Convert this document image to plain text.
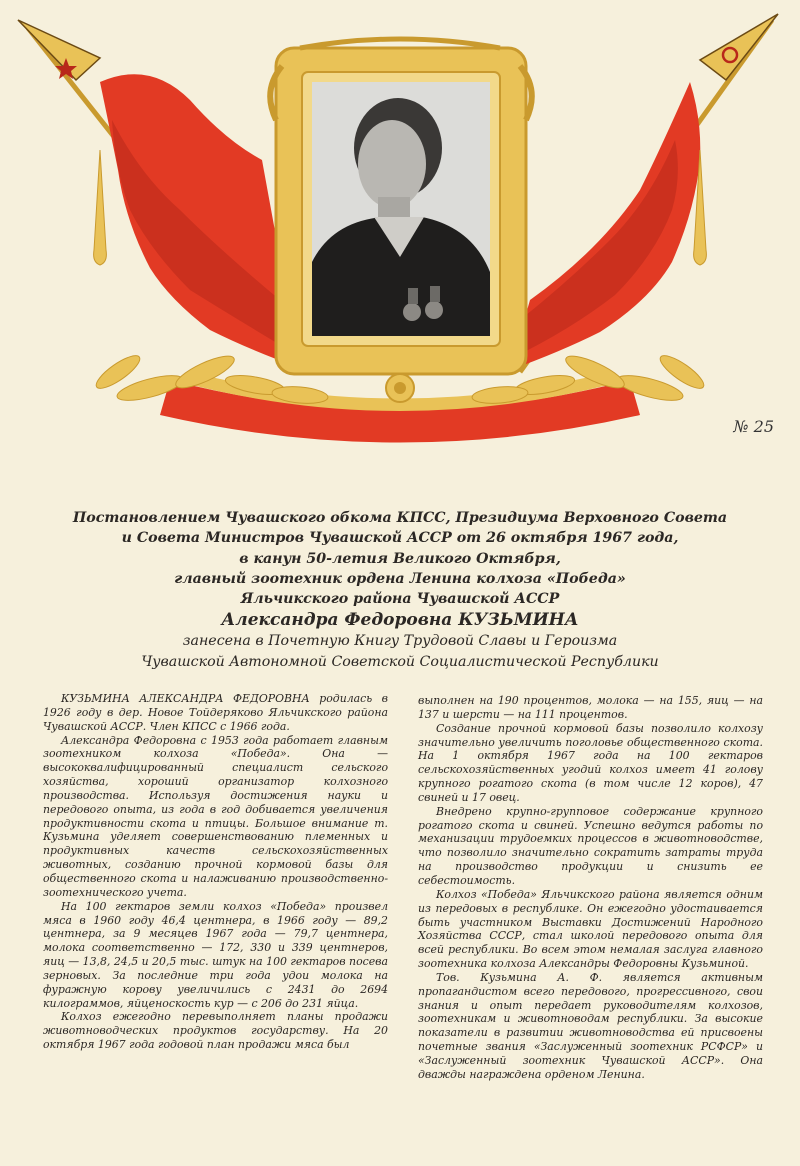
№ 25
Постановлением Чувашского обкома КПСС, Президиума Верховного Совета
и Совета Министров Чувашской АССР от 26 октября 1967 года,
в канун 50-летия Великого Октября,
главный зоотехник ордена Ленина колхоза «Победа»
Яльчикского района Чувашской АССР
Александра Федоровна КУЗЬМИНА
занесена в Почетную Книгу Трудовой Славы и Героизма
Чувашской Автономной Советской Социалистической Республики

КУЗЬМИНА АЛЕКСАНДРА ФЕДОРОВНА родилась в 1926 году в дер. Новое Тойдеряково Яльчикского района Чувашской АССР. Член КПСС с 1966 года.

Александра Федоровна с 1953 года работает главным зоотехником колхоза «Победа». Она — высококвалифицированный специалист сельского хозяйства, хороший организатор колхозного производства. Используя достижения науки и передового опыта, из года в год добивается увеличения продуктивности скота и птицы. Большое внимание т. Кузьмина уделяет совершенствованию племенных и продуктивных качеств сельскохозяйственных животных, созданию прочной кормовой базы для общественного скота и налаживанию производственно-зоотехнического учета.

На 100 гектаров земли колхоз «Победа» произвел мяса в 1960 году 46,4 центнера, в 1966 году — 89,2 центнера, за 9 месяцев 1967 года — 79,7 центнера, молока соответственно — 172, 330 и 339 центнеров, яиц — 13,8, 24,5 и 20,5 тыс. штук на 100 гектаров посева зерновых. За последние три года удои молока на фуражную корову увеличились с 2431 до 2694 килограммов, яйценоскость кур — с 206 до 231 яйца.

Колхоз ежегодно перевыполняет планы продажи животноводческих продуктов государству. На 20 октября 1967 года годовой план продажи мяса был

выполнен на 190 процентов, молока — на 155, яиц — на 137 и шерсти — на 111 процентов.

Создание прочной кормовой базы позволило колхозу значительно увеличить поголовье общественного скота. На 1 октября 1967 года на 100 гектаров сельскохозяйственных угодий колхоз имеет 41 голову крупного рогатого скота (в том числе 12 коров), 47 свиней и 17 овец.

Внедрено крупно-групповое содержание крупного рогатого скота и свиней. Успешно ведутся работы по механизации трудоемких процессов в животноводстве, что позволило значительно сократить затраты труда на производство продукции и снизить ее себестоимость.

Колхоз «Победа» Яльчикского района является одним из передовых в республике. Он ежегодно удостаивается быть участником Выставки Достижений Народного Хозяйства СССР, стал школой передового опыта для всей республики. Во всем этом немалая заслуга главного зоотехника колхоза Александры Федоровны Кузьминой.

Тов. Кузьмина А. Ф. является активным пропагандистом всего передового, прогрессивного, свои знания и опыт передает руководителям колхозов, зоотехникам и животноводам республики. За высокие показатели в развитии животноводства ей присвоены почетные звания «Заслуженный зоотехник РСФСР» и «Заслуженный зоотехник Чувашской АССР». Она дважды награждена орденом Ленина.
